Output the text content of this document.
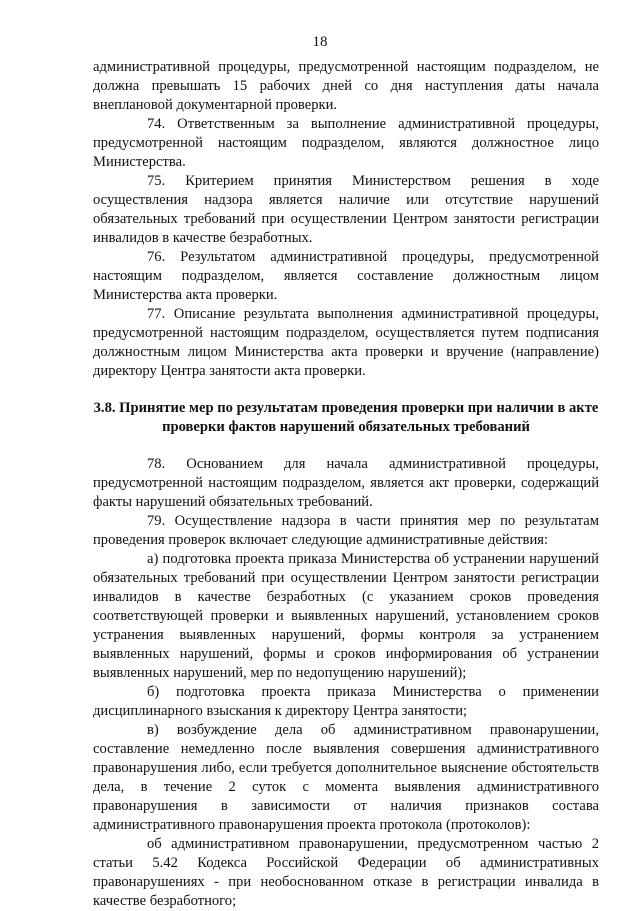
18
административной процедуры, предусмотренной настоящим подразделом, не должна превышать 15 рабочих дней со дня наступления даты начала внеплановой документарной проверки.
74. Ответственным за выполнение административной процедуры, предусмотренной настоящим подразделом, являются должностное лицо Министерства.
75. Критерием принятия Министерством решения в ходе осуществления надзора является наличие или отсутствие нарушений обязательных требований при осуществлении Центром занятости регистрации инвалидов в качестве безработных.
76. Результатом административной процедуры, предусмотренной настоящим подразделом, является составление должностным лицом Министерства акта проверки.
77. Описание результата выполнения административной процедуры, предусмотренной настоящим подразделом, осуществляется путем подписания должностным лицом Министерства акта проверки и вручение (направление) директору Центра занятости акта проверки.
3.8. Принятие мер по результатам проведения проверки при наличии в акте проверки фактов нарушений обязательных требований
78. Основанием для начала административной процедуры, предусмотренной настоящим подразделом, является акт проверки, содержащий факты нарушений обязательных требований.
79. Осуществление надзора в части принятия мер по результатам проведения проверок включает следующие административные действия:
а) подготовка проекта приказа Министерства об устранении нарушений обязательных требований при осуществлении Центром занятости регистрации инвалидов в качестве безработных (с указанием сроков проведения соответствующей проверки и выявленных нарушений, установлением сроков устранения выявленных нарушений, формы контроля за устранением выявленных нарушений, формы и сроков информирования об устранении выявленных нарушений, мер по недопущению нарушений);
б) подготовка проекта приказа Министерства о применении дисциплинарного взыскания к директору Центра занятости;
в) возбуждение дела об административном правонарушении, составление немедленно после выявления совершения административного правонарушения либо, если требуется дополнительное выяснение обстоятельств дела, в течение 2 суток с момента выявления административного правонарушения в зависимости от наличия признаков состава административного правонарушения проекта протокола (протоколов):
об административном правонарушении, предусмотренном частью 2 статьи 5.42 Кодекса Российской Федерации об административных правонарушениях - при необоснованном отказе в регистрации инвалида в качестве безработного;
